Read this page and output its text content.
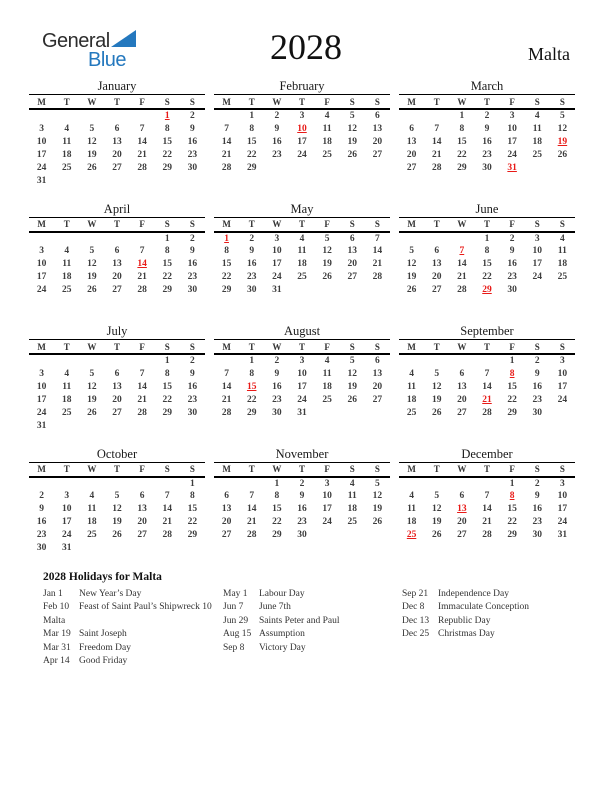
General
Blue	2028	Malta
January
M	T	W	T	F	S	S
					1	2
3	4	5	6	7	8	9
10	11	12	13	14	15	16
17	18	19	20	21	22	23
24	25	26	27	28	29	30
31						
February
M	T	W	T	F	S	S
	1	2	3	4	5	6
7	8	9	10	11	12	13
14	15	16	17	18	19	20
21	22	23	24	25	26	27
28	29					
March
M	T	W	T	F	S	S
		1	2	3	4	5
6	7	8	9	10	11	12
13	14	15	16	17	18	19
20	21	22	23	24	25	26
27	28	29	30	31		
April
M	T	W	T	F	S	S
					1	2
3	4	5	6	7	8	9
10	11	12	13	14	15	16
17	18	19	20	21	22	23
24	25	26	27	28	29	30
May
M	T	W	T	F	S	S
1	2	3	4	5	6	7
8	9	10	11	12	13	14
15	16	17	18	19	20	21
22	23	24	25	26	27	28
29	30	31				
June
M	T	W	T	F	S	S
			1	2	3	4
5	6	7	8	9	10	11
12	13	14	15	16	17	18
19	20	21	22	23	24	25
26	27	28	29	30		
July
M	T	W	T	F	S	S
					1	2
3	4	5	6	7	8	9
10	11	12	13	14	15	16
17	18	19	20	21	22	23
24	25	26	27	28	29	30
31						
August
M	T	W	T	F	S	S
	1	2	3	4	5	6
7	8	9	10	11	12	13
14	15	16	17	18	19	20
21	22	23	24	25	26	27
28	29	30	31			
September
M	T	W	T	F	S	S
				1	2	3
4	5	6	7	8	9	10
11	12	13	14	15	16	17
18	19	20	21	22	23	24
25	26	27	28	29	30	
October
M	T	W	T	F	S	S
						1
2	3	4	5	6	7	8
9	10	11	12	13	14	15
16	17	18	19	20	21	22
23	24	25	26	27	28	29
30	31					
November
M	T	W	T	F	S	S
		1	2	3	4	5
6	7	8	9	10	11	12
13	14	15	16	17	18	19
20	21	22	23	24	25	26
27	28	29	30			
December
M	T	W	T	F	S	S
				1	2	3
4	5	6	7	8	9	10
11	12	13	14	15	16	17
18	19	20	21	22	23	24
25	26	27	28	29	30	31
2028 Holidays for Malta
Jan 1 New Year’s Day
Feb 10 Feast of Saint Paul’s Shipwreck 10
Malta
Mar 19 Saint Joseph
Mar 31 Freedom Day
Apr 14 Good Friday
May 1 Labour Day
Jun 7 June 7th
Jun 29 Saints Peter and Paul
Aug 15 Assumption
Sep 8 Victory Day
Sep 21 Independence Day
Dec 8 Immaculate Conception
Dec 13 Republic Day
Dec 25 Christmas Day
